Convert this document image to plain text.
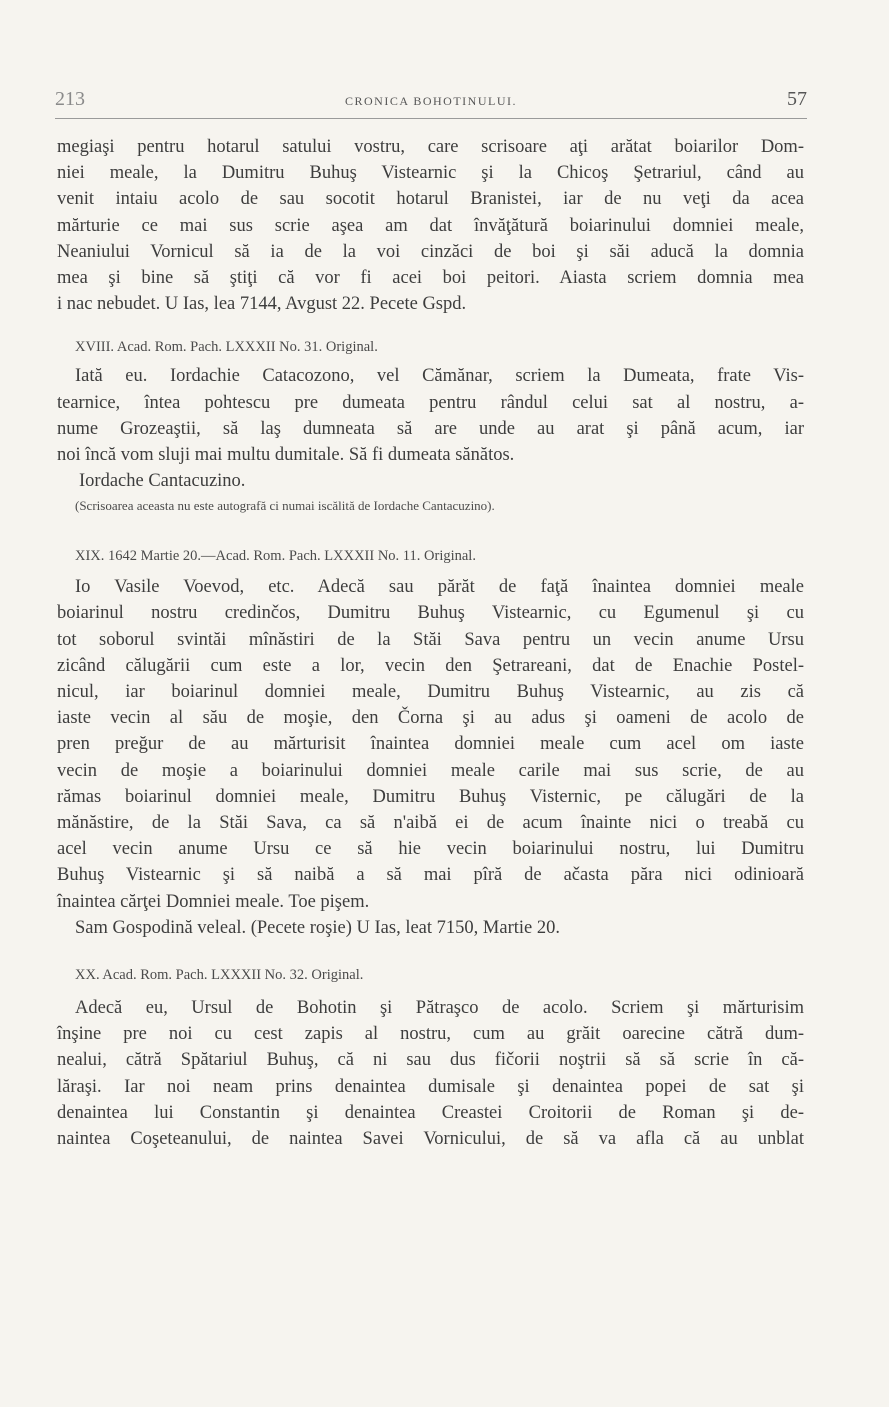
213	CRONICA BOHOTINULUI.	57
megiaşi pentru hotarul satului vostru, care scrisoare aţi arătat boiarilor Dom-
niei meale, la Dumitru Buhuş Vistearnic şi la Chicoş Şetrariul, când au
venit intaiu acolo de sau socotit hotarul Branistei, iar de nu veţi da acea
mărturie ce mai sus scrie aşea am dat învăţătură boiarinului domniei meale,
Neaniului Vornicul să ia de la voi cinzăci de boi şi săi aducă la domnia
mea şi bine să ştiţi că vor fi acei boi peitori. Aiasta scriem domnia mea
i nac nebudet. U Ias, lea 7144, Avgust 22. Pecete Gspd.
XVIII. Acad. Rom. Pach. LXXXII No. 31. Original.
Iată eu. Iordachie Catacozono, vel Cămănar, scriem la Dumeata, frate Vis-
tearnice, întea pohtescu pre dumeata pentru rândul celui sat al nostru, a-
nume Grozeaştii, să laş dumneata să are unde au arat şi până acum, iar
noi încă vom sluji mai multu dumitale. Să fi dumeata sănătos.
Iordache Cantacuzino.
(Scrisoarea aceasta nu este autografă ci numai iscălită de Iordache Cantacuzino).
XIX. 1642 Martie 20.—Acad. Rom. Pach. LXXXII No. 11. Original.
Io Vasile Voevod, etc. Adecă sau părăt de faţă înaintea domniei meale
boiarinul nostru credinčos, Dumitru Buhuş Vistearnic, cu Egumenul şi cu
tot soborul svintăi mînăstiri de la Stăi Sava pentru un vecin anume Ursu
zicând călugării cum este a lor, vecin den Şetrareani, dat de Enachie Postel-
nicul, iar boiarinul domniei meale, Dumitru Buhuş Vistearnic, au zis că
iaste vecin al său de moşie, den Čorna şi au adus şi oameni de acolo de
pren preğur de au mărturisit înaintea domniei meale cum acel om iaste
vecin de moşie a boiarinului domniei meale carile mai sus scrie, de au
rămas boiarinul domniei meale, Dumitru Buhuş Visternic, pe călugări de la
mănăstire, de la Stăi Sava, ca să n'aibă ei de acum înainte nici o treabă cu
acel vecin anume Ursu ce să hie vecin boiarinului nostru, lui Dumitru
Buhuş Vistearnic şi să naibă a să mai pîră de ačasta păra nici odinioară
înaintea cărţei Domniei meale. Toe pişem.
Sam Gospodină veleal. (Pecete roşie) U Ias, leat 7150, Martie 20.
XX. Acad. Rom. Pach. LXXXII No. 32. Original.
Adecă eu, Ursul de Bohotin şi Pătraşco de acolo. Scriem şi mărturisim
înşine pre noi cu cest zapis al nostru, cum au grăit oarecine cătră dum-
nealui, cătră Spătariul Buhuş, că ni sau dus fičorii noştrii să să scrie în că-
lăraşi. Iar noi neam prins denaintea dumisale şi denaintea popei de sat şi
denaintea lui Constantin şi denaintea Creastei Croitorii de Roman şi de-
naintea Coşeteanului, de naintea Savei Vornicului, de să va afla că au unblat
